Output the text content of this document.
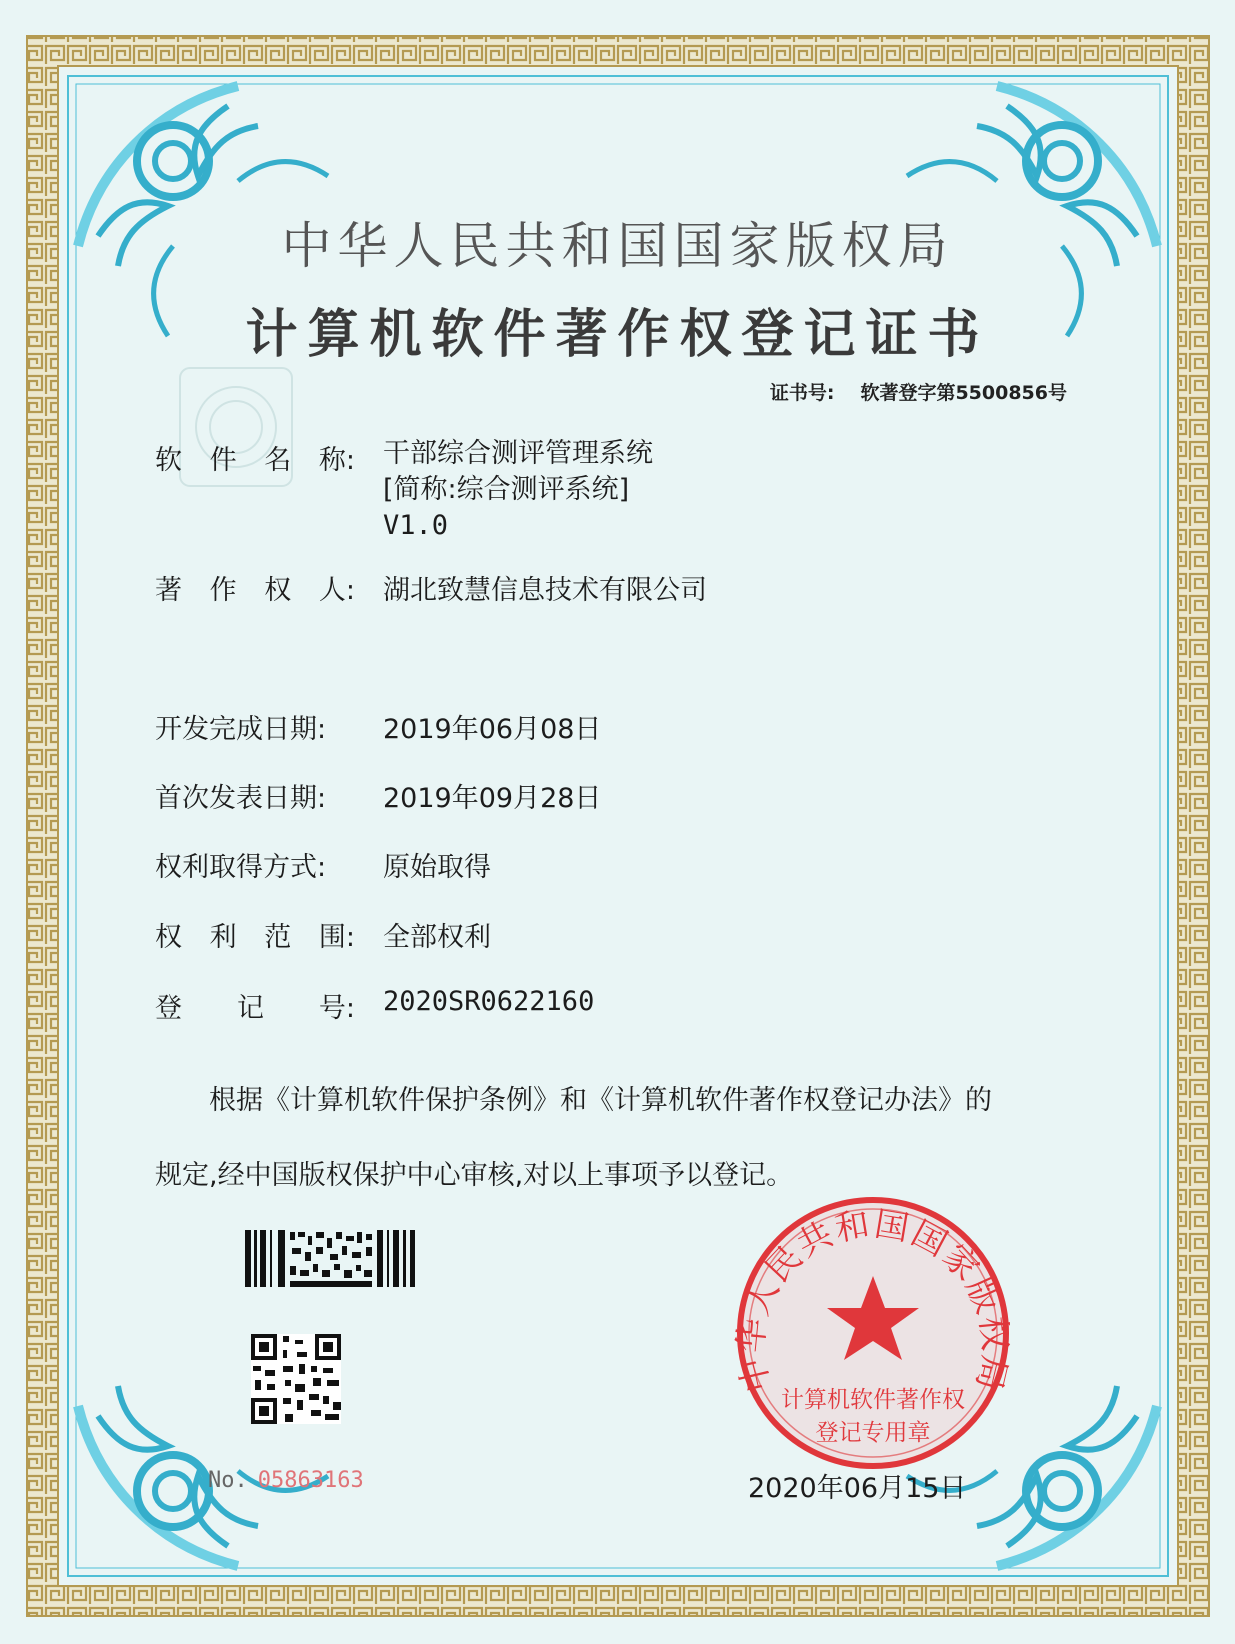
中华人民共和国国家版权局
计算机软件著作权登记证书
证书号: 软著登字第5500856号
软 件 名 称: 干部综合测评管理系统
[简称:综合测评系统]
V1.0
著 作 权 人: 湖北致慧信息技术有限公司
开发完成日期: 2019年06月08日
首次发表日期: 2019年09月28日
权利取得方式: 原始取得
权 利 范 围: 全部权利
登 记 号: 2020SR0622160
根据《计算机软件保护条例》和《计算机软件著作权登记办法》的
规定,经中国版权保护中心审核,对以上事项予以登记。
No. 05863163
中华人民共和国国家版权局
计算机软件著作权
登记专用章
2020年06月15日
